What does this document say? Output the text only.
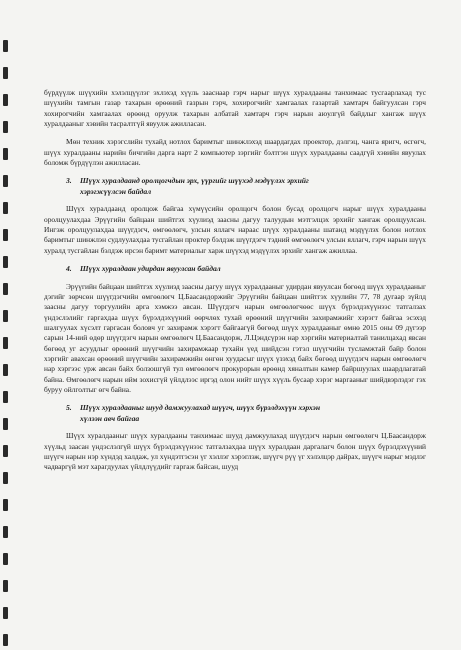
бүрдүүлж шүүхийн хэлэлцүүлэг эхлэхэд хүүль зааснаар гэрч нарыг шүүх хуралдааны танхимаас тусгаарлахад тус шүүхийн тамгын газар тахарын өрөөний газрын гэрч, хохирогчийг хамгаалах газартай хамтарч байгуулсан гэрч хохирогчийн хамгаалах өрөөнд оруулж тахарын албатай хамтарч гэрч нарын аюулгүй байдлыг хангаж шүүх хуралдааныг хэвийн тасралтгүй явуулж ажилласан.

Мөн техник хэрэгслийн тухайд нотлох баримтыг шинжлэхэд шаардагдах проектор, дэлгэц, чанга яригч, өсгөгч, шүүх хуралдааны нарийн бичгийн дарга нарт 2 компьютер зэргийг бэлтгэн шүүх хуралдааны саадгүй хэвийн явуулах боломж бүрдүүлэн ажилласан.

3. Шүүх хуралдаанд оролцогчдын эрх, үүргийг шүүхэд мэдүүлэх эрхийг
хэрэгжүүлсэн байдал

Шүүх хуралдаанд оролцож байгаа хүмүүсийн оролцогч болон бусад оролцогч нарыг шүүх хуралдааны оролцуулахдаа Эрүүгийн байцаан шийтгэх хүулиэд заасны дагуу талуудын мэтгэлцэх эрхийг хангаж оролцуулсан. Ингэж оролцуулахдаа шүүгдэгч, өмгөөлөгч, улсын яллагч нараас шүүх хуралдааны шатанд мэдүүлэх болон нотлох баримтыг шинжлэн судлуулахдаа тусгайлан проктер бэлдэж шүүгдэгч тэдний өмгөөлөгч улсын яллагч, гэрч нарын шүүх хуралд тусгайлан бэлдэж ирсэн баримт материалыг харж шүүхэд мэдүүлэх эрхийг хангаж ажиллаа.

4. Шүүх хуралдаан удирдан явуулсан байдал

Эрүүгийн байцаан шийтгэх хүулиэд заасны дагуу шүүх хуралдааныг удирдан явуулсан бөгөөд шүүх хуралдааныг дэгийг зөрчсөн шүүгдэгчийн өмгөөлөгч Ц.Баасандоржийг Эрүүгийн байцаан шийтгэх хүулийн 77, 78 дугаар зүйлд заасны дагуу торгуулийн арга хэмжээ авсан. Шүүгдэгч нарын өмгөөлөгчөөс шүүх бүрэлдэхүүнээс татгалзах үндэслэлийг гаргахдаа шүүх бүрэлдэхүүний өөрчлөх тухай өрөөний шүүгчийн захирамжийг хэрэгт байгаа эсэхэд шалгуулах хүсэлт гаргасан боловч уг захирамж хэрэгт байгаагүй бөгөөд шүүх хуралдааныг өмнө 2015 оны 09 дүгээр сарын 14-ний өдөр шүүгдэгч нарын өмгөөлөгч Ц.Баасандорж, Л.Цэндсүрэн нар хэргийн материалтай танилцахад явсан бөгөөд уг асуудлыг өрөөний шүүгчийн захирамжаар тухайн үед шийдсэн гэтэл шүүгчийн тусламжтай байр болон хэргийг авахсан өрөөний шүүгчийн захирамжийн өнгөн хуудасыг шүүх үзэхэд байх бөгөөд шүүгдэгч нарын өмгөөлөгч нар хэргээс урж авсан байх болзошгүй тул өмгөөлөгч прокурорын өрөөнд хяналтын камер байршуулах шаардлагатай байна. Өмгөөлөгч нарын ийм зохисгүй үйлдлээс иргэд олон нийт шүүх хүүль бусаар хэрэг маргааныг шийдвэрлэдэг гэх буруу ойлголтыг өгч байна.

5. Шүүх хуралдааныг шууд дамжуулахад шүүгч, шүүх бүрэлдэхүүн хэрхэн
хүлээн авч байгаа

Шүүх хуралдааныг шүүх хуралдааны танхимаас шууд дамжуулахад шүүгдэгч нарын өмгөөлөгч Ц.Баасандорж хүүльд заасан үндэслэлгүй шүүх бүрэлдэхүүнээс татгалзахдаа шүүх хуралдаан даргалагч болон шүүх бүрэлдэхүүний шүүгч нарын нэр хүндэд халдаж, ул хүндэтгэсэн үг хэллэг хэрэглэж, шүүгч рүү үг хэлэлцэр дайрах, шүүгч нарыг мэдлэг чадваргүй мэт харагдуулах үйлдлүүдийг гаргаж байсан, шууд
